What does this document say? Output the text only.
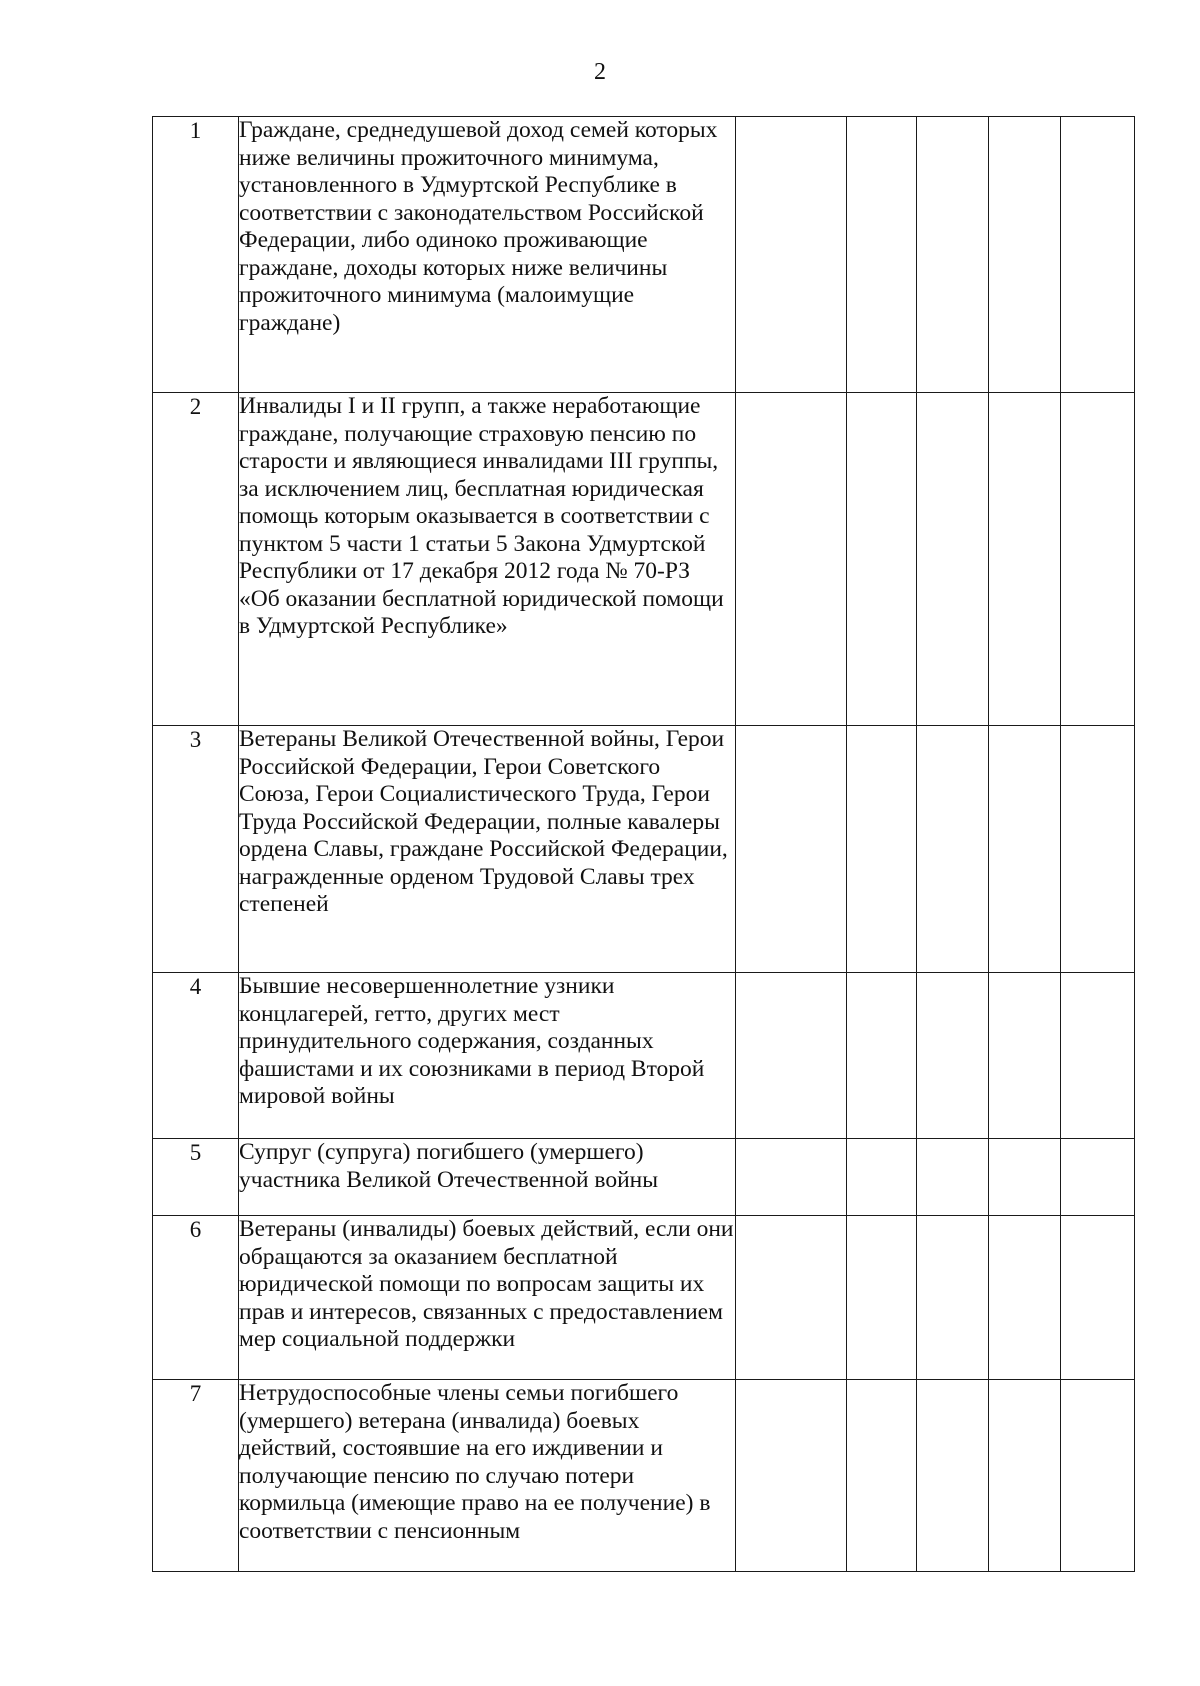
2
1	Граждане, среднедушевой доход семей которых ниже величины прожиточного минимума, установленного в Удмуртской Республике в соответствии с законодательством Российской Федерации, либо одиноко проживающие граждане, доходы которых ниже величины прожиточного минимума (малоимущие граждане)					
2	Инвалиды I и II групп, а также неработающие граждане, получающие страховую пенсию по старости и являющиеся инвалидами III группы, за исключением лиц, бесплатная юридическая помощь которым оказывается в соответствии с пунктом 5 части 1 статьи 5 Закона Удмуртской Республики от 17 декабря 2012 года № 70-РЗ «Об оказании бесплатной юридической помощи в Удмуртской Республике»					
3	Ветераны Великой Отечественной войны, Герои Российской Федерации, Герои Советского Союза, Герои Социалистического Труда, Герои Труда Российской Федерации, полные кавалеры ордена Славы, граждане Российской Федерации, награжденные орденом Трудовой Славы трех степеней					
4	Бывшие несовершеннолетние узники концлагерей, гетто, других мест принудительного содержания, созданных фашистами и их союзниками в период Второй мировой войны					
5	Супруг (супруга) погибшего (умершего) участника Великой Отечественной войны					
6	Ветераны (инвалиды) боевых действий, если они обращаются за оказанием бесплатной юридической помощи по вопросам защиты их прав и интересов, связанных с предоставлением мер социальной поддержки					
7	Нетрудоспособные члены семьи погибшего (умершего) ветерана (инвалида) боевых действий, состоявшие на его иждивении и получающие пенсию по случаю потери кормильца (имеющие право на ее получение) в соответствии с пенсионным					
